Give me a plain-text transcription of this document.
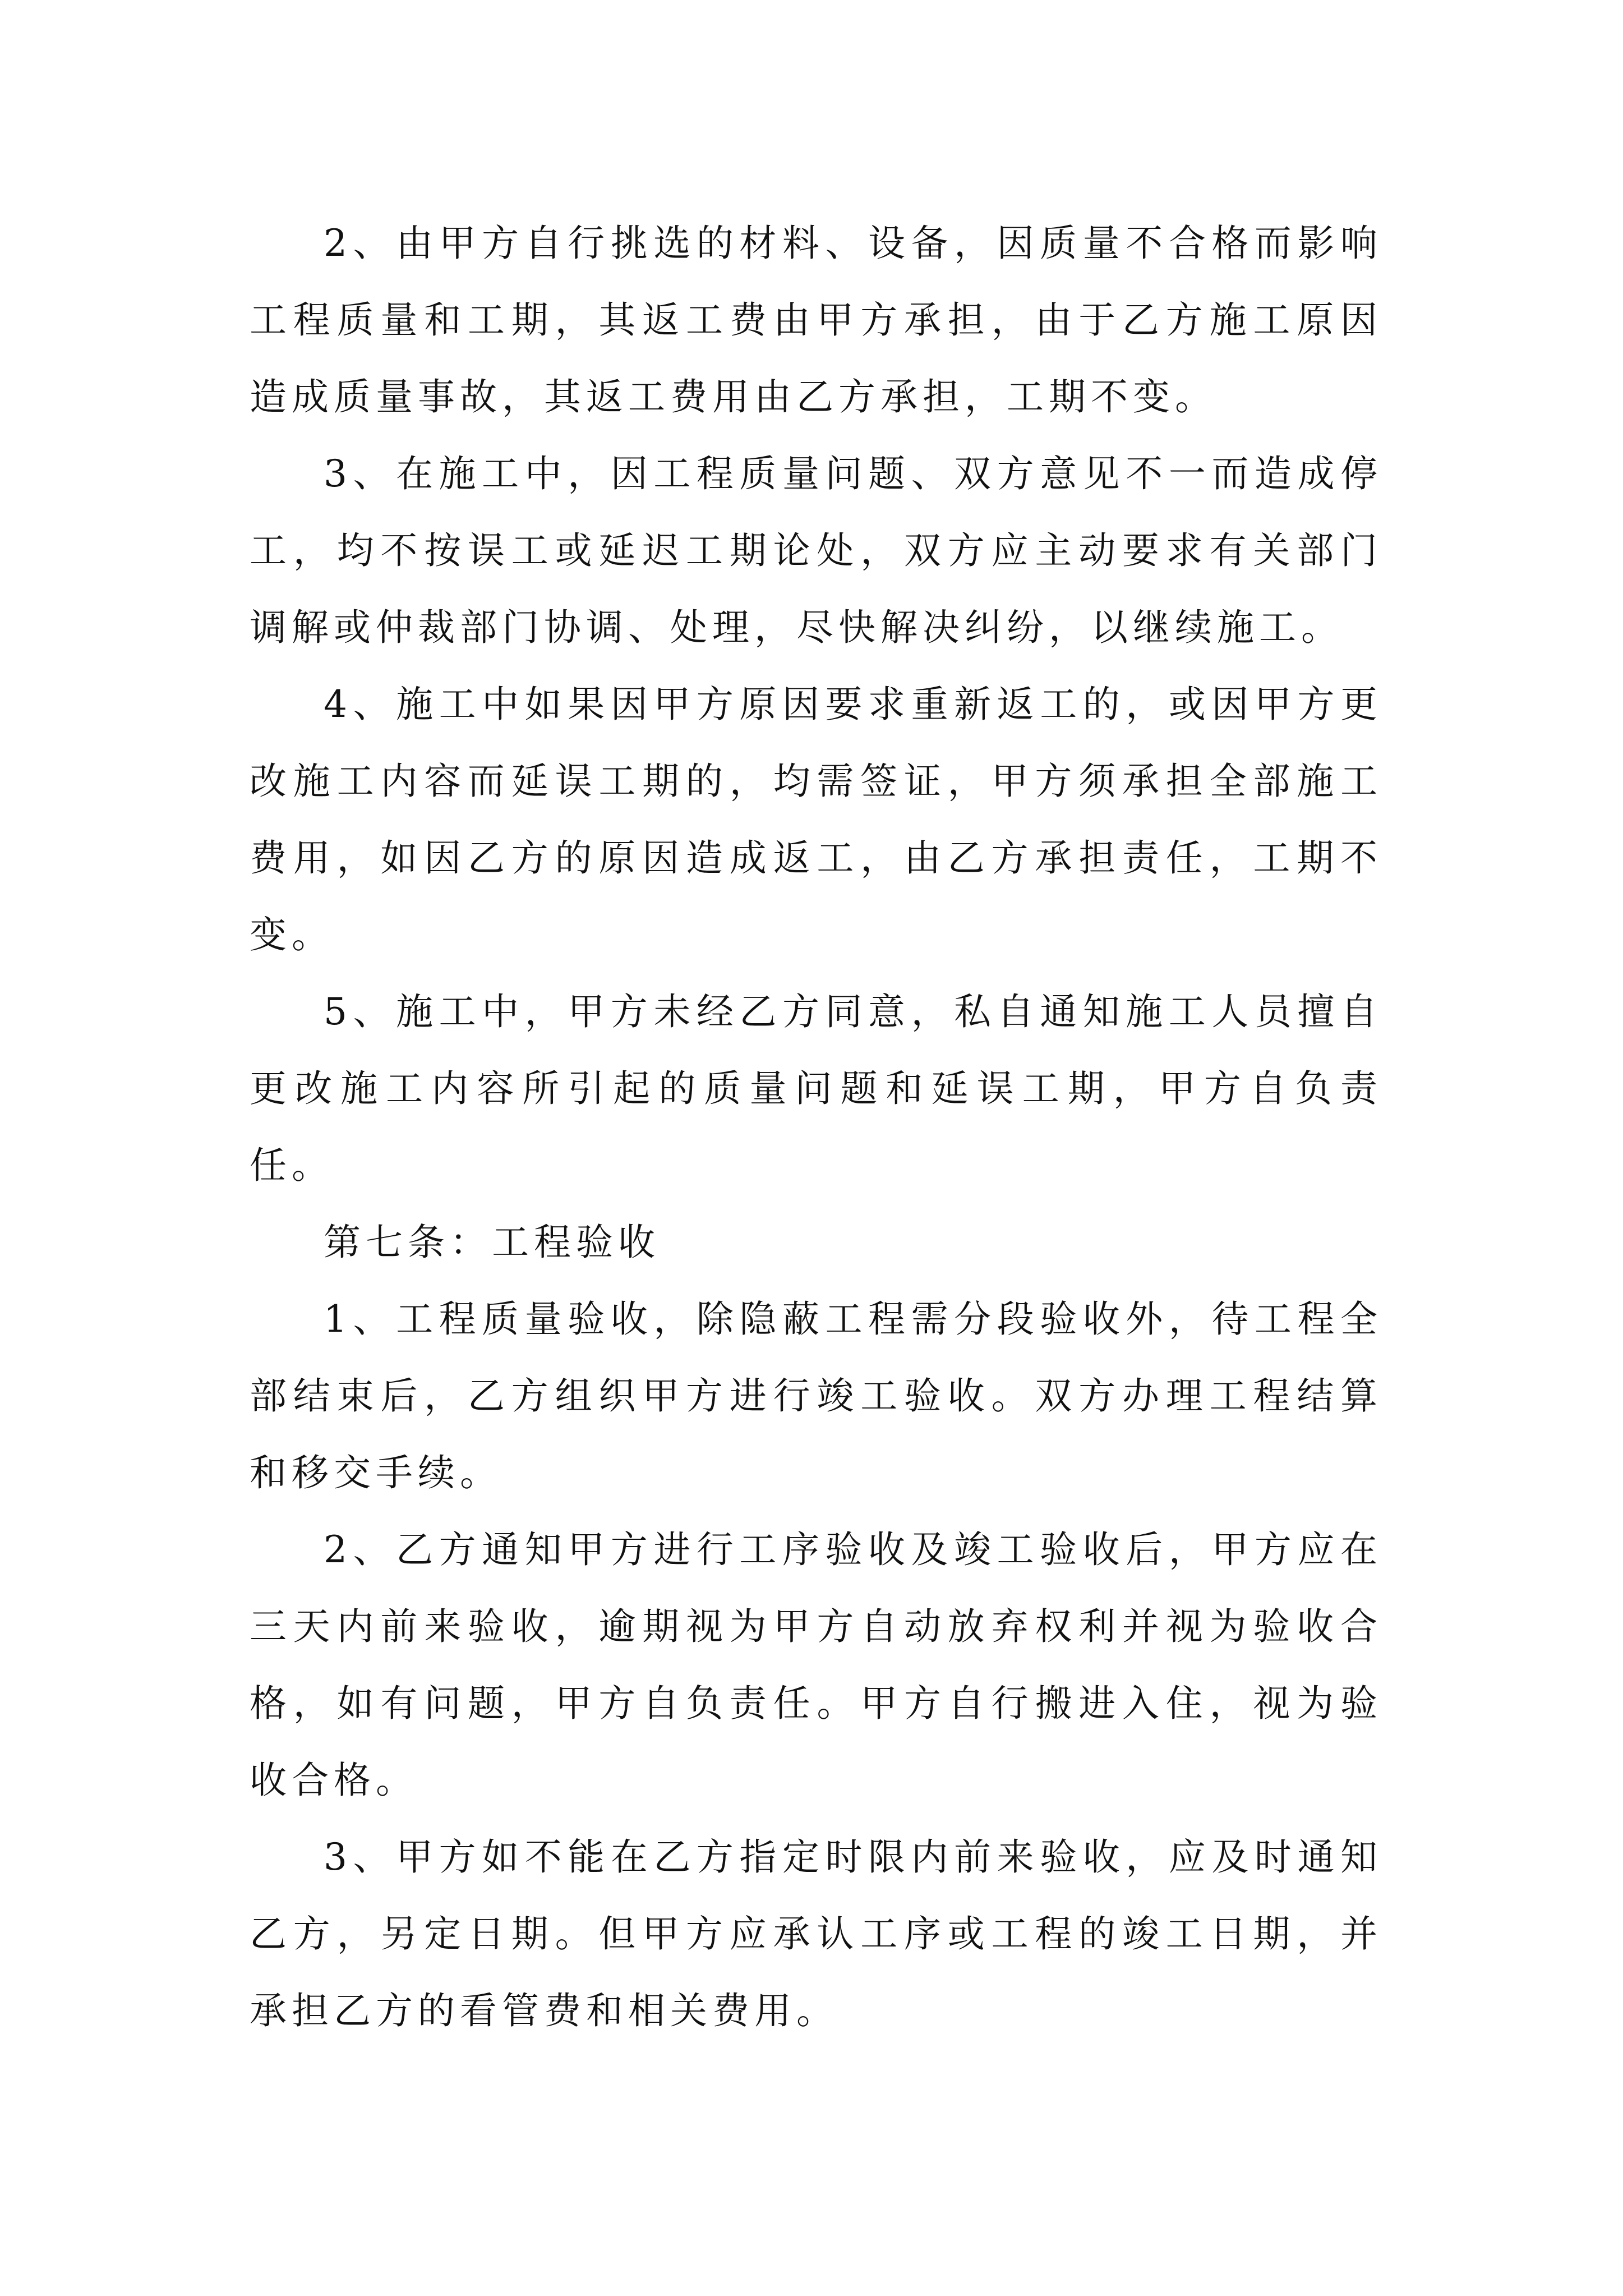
2、由甲方自行挑选的材料、设备，因质量不合格而影响工程质量和工期，其返工费由甲方承担，由于乙方施工原因造成质量事故，其返工费用由乙方承担，工期不变。

3、在施工中，因工程质量问题、双方意见不一而造成停工，均不按误工或延迟工期论处，双方应主动要求有关部门调解或仲裁部门协调、处理，尽快解决纠纷，以继续施工。

4、施工中如果因甲方原因要求重新返工的，或因甲方更改施工内容而延误工期的，均需签证，甲方须承担全部施工费用，如因乙方的原因造成返工，由乙方承担责任，工期不变。

5、施工中，甲方未经乙方同意，私自通知施工人员擅自更改施工内容所引起的质量问题和延误工期，甲方自负责任。

第七条：工程验收

1、工程质量验收，除隐蔽工程需分段验收外，待工程全部结束后，乙方组织甲方进行竣工验收。双方办理工程结算和移交手续。

2、乙方通知甲方进行工序验收及竣工验收后，甲方应在三天内前来验收，逾期视为甲方自动放弃权利并视为验收合格，如有问题，甲方自负责任。甲方自行搬进入住，视为验收合格。

3、甲方如不能在乙方指定时限内前来验收，应及时通知乙方，另定日期。但甲方应承认工序或工程的竣工日期，并承担乙方的看管费和相关费用。
